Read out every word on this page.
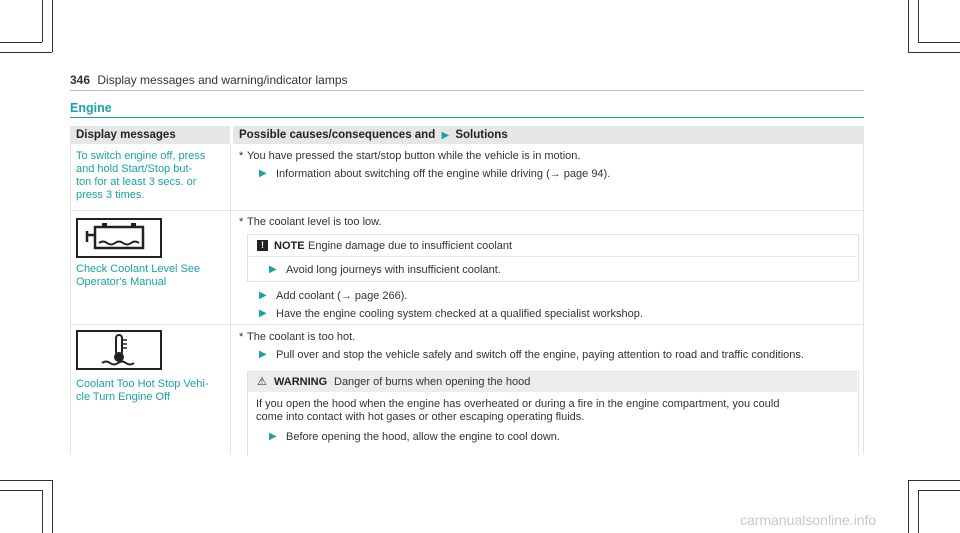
346 Display messages and warning/indicator lamps
Engine
Display messages	Possible causes/consequences and ▶ Solutions
To switch engine off, press
and hold Start/Stop but-
ton for at least 3 secs. or
press 3 times.
* You have pressed the start/stop button while the vehicle is in motion.
▶ Information about switching off the engine while driving (→ page 94).
Check Coolant Level See
Operator's Manual
* The coolant level is too low.
! NOTE Engine damage due to insufficient coolant
▶ Avoid long journeys with insufficient coolant.
▶ Add coolant (→ page 266).
▶ Have the engine cooling system checked at a qualified specialist workshop.
Coolant Too Hot Stop Vehi-
cle Turn Engine Off
* The coolant is too hot.
▶ Pull over and stop the vehicle safely and switch off the engine, paying attention to road and traffic conditions.
⚠ WARNING Danger of burns when opening the hood
If you open the hood when the engine has overheated or during a fire in the engine compartment, you could
come into contact with hot gases or other escaping operating fluids.
▶ Before opening the hood, allow the engine to cool down.
carmanualsonline.info
